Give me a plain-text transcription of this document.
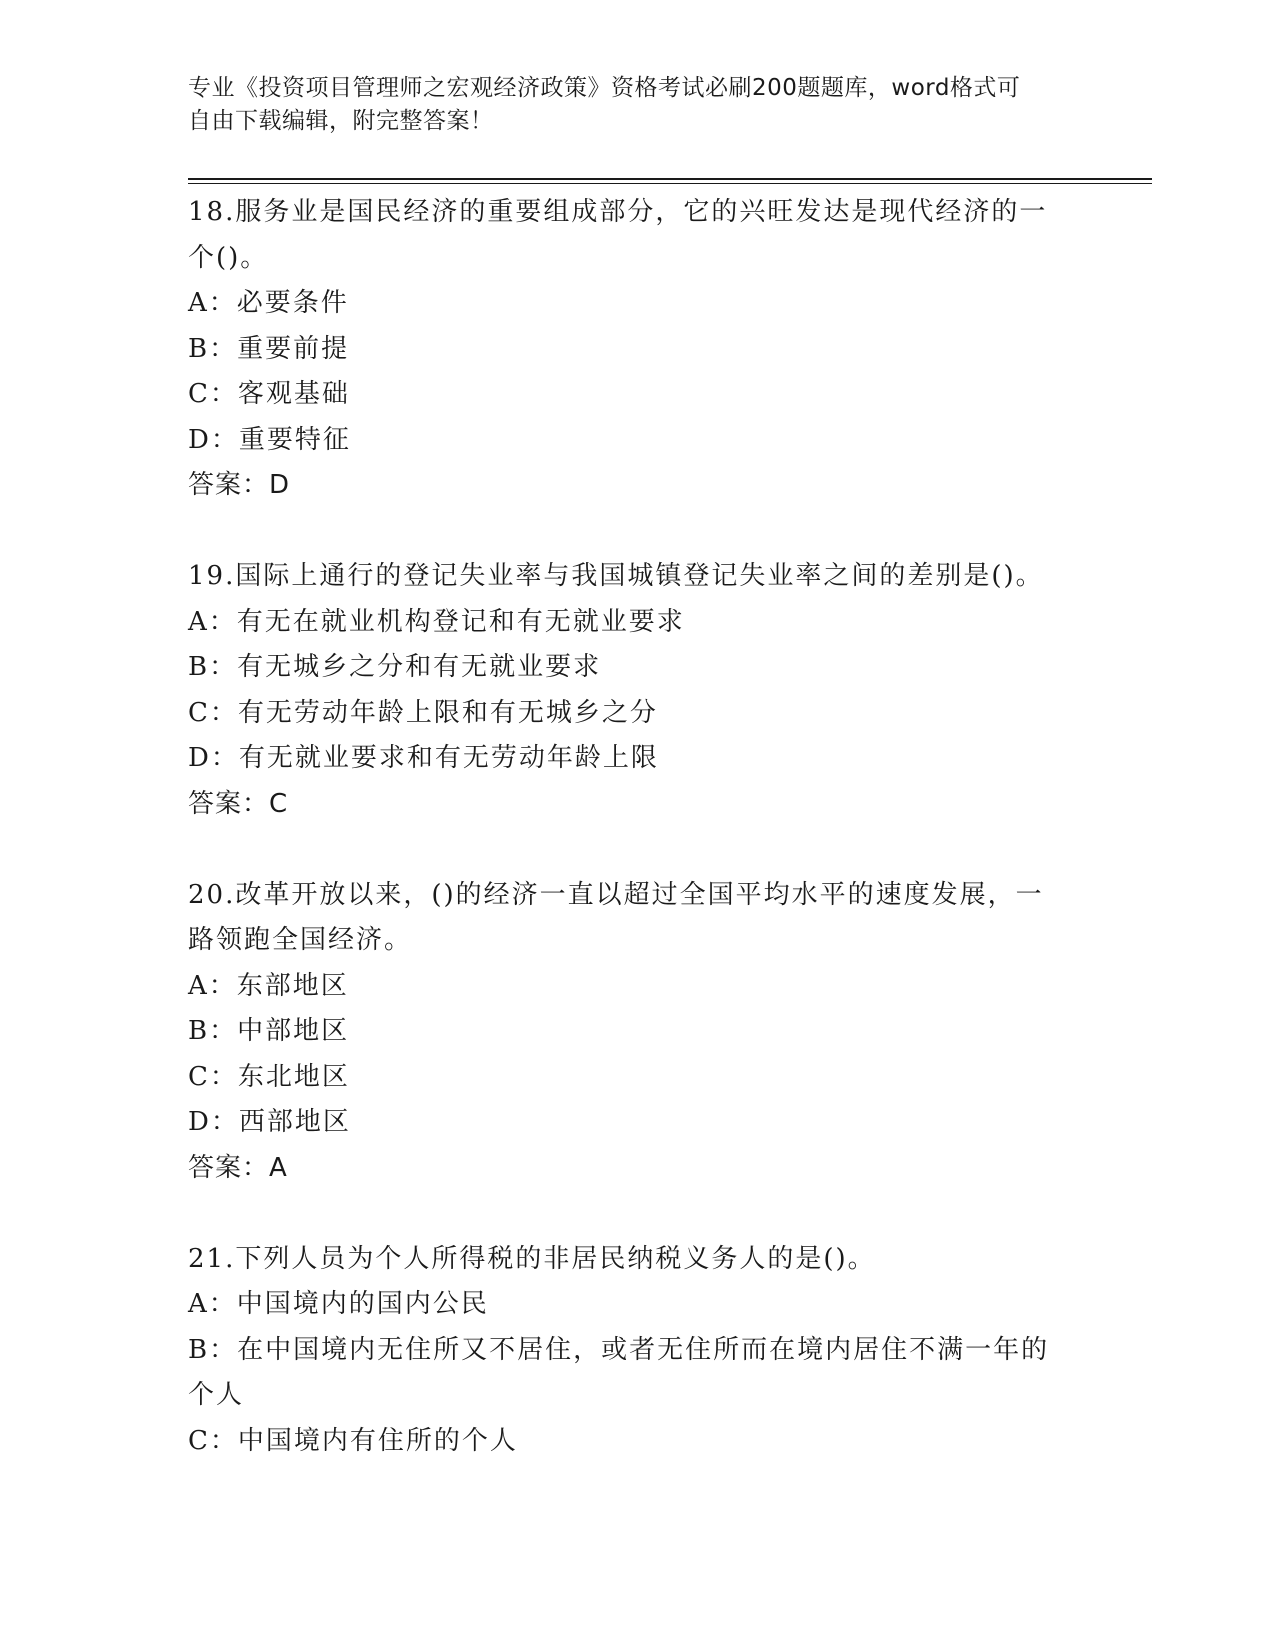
专业《投资项目管理师之宏观经济政策》资格考试必刷200题题库，word格式可
自由下载编辑，附完整答案！
18.服务业是国民经济的重要组成部分，它的兴旺发达是现代经济的一
个()。
A：必要条件
B：重要前提
C：客观基础
D：重要特征
答案：D
19.国际上通行的登记失业率与我国城镇登记失业率之间的差别是()。
A：有无在就业机构登记和有无就业要求
B：有无城乡之分和有无就业要求
C：有无劳动年龄上限和有无城乡之分
D：有无就业要求和有无劳动年龄上限
答案：C
20.改革开放以来，()的经济一直以超过全国平均水平的速度发展，一
路领跑全国经济。
A：东部地区
B：中部地区
C：东北地区
D：西部地区
答案：A
21.下列人员为个人所得税的非居民纳税义务人的是()。
A：中国境内的国内公民
B：在中国境内无住所又不居住，或者无住所而在境内居住不满一年的
个人
C：中国境内有住所的个人
